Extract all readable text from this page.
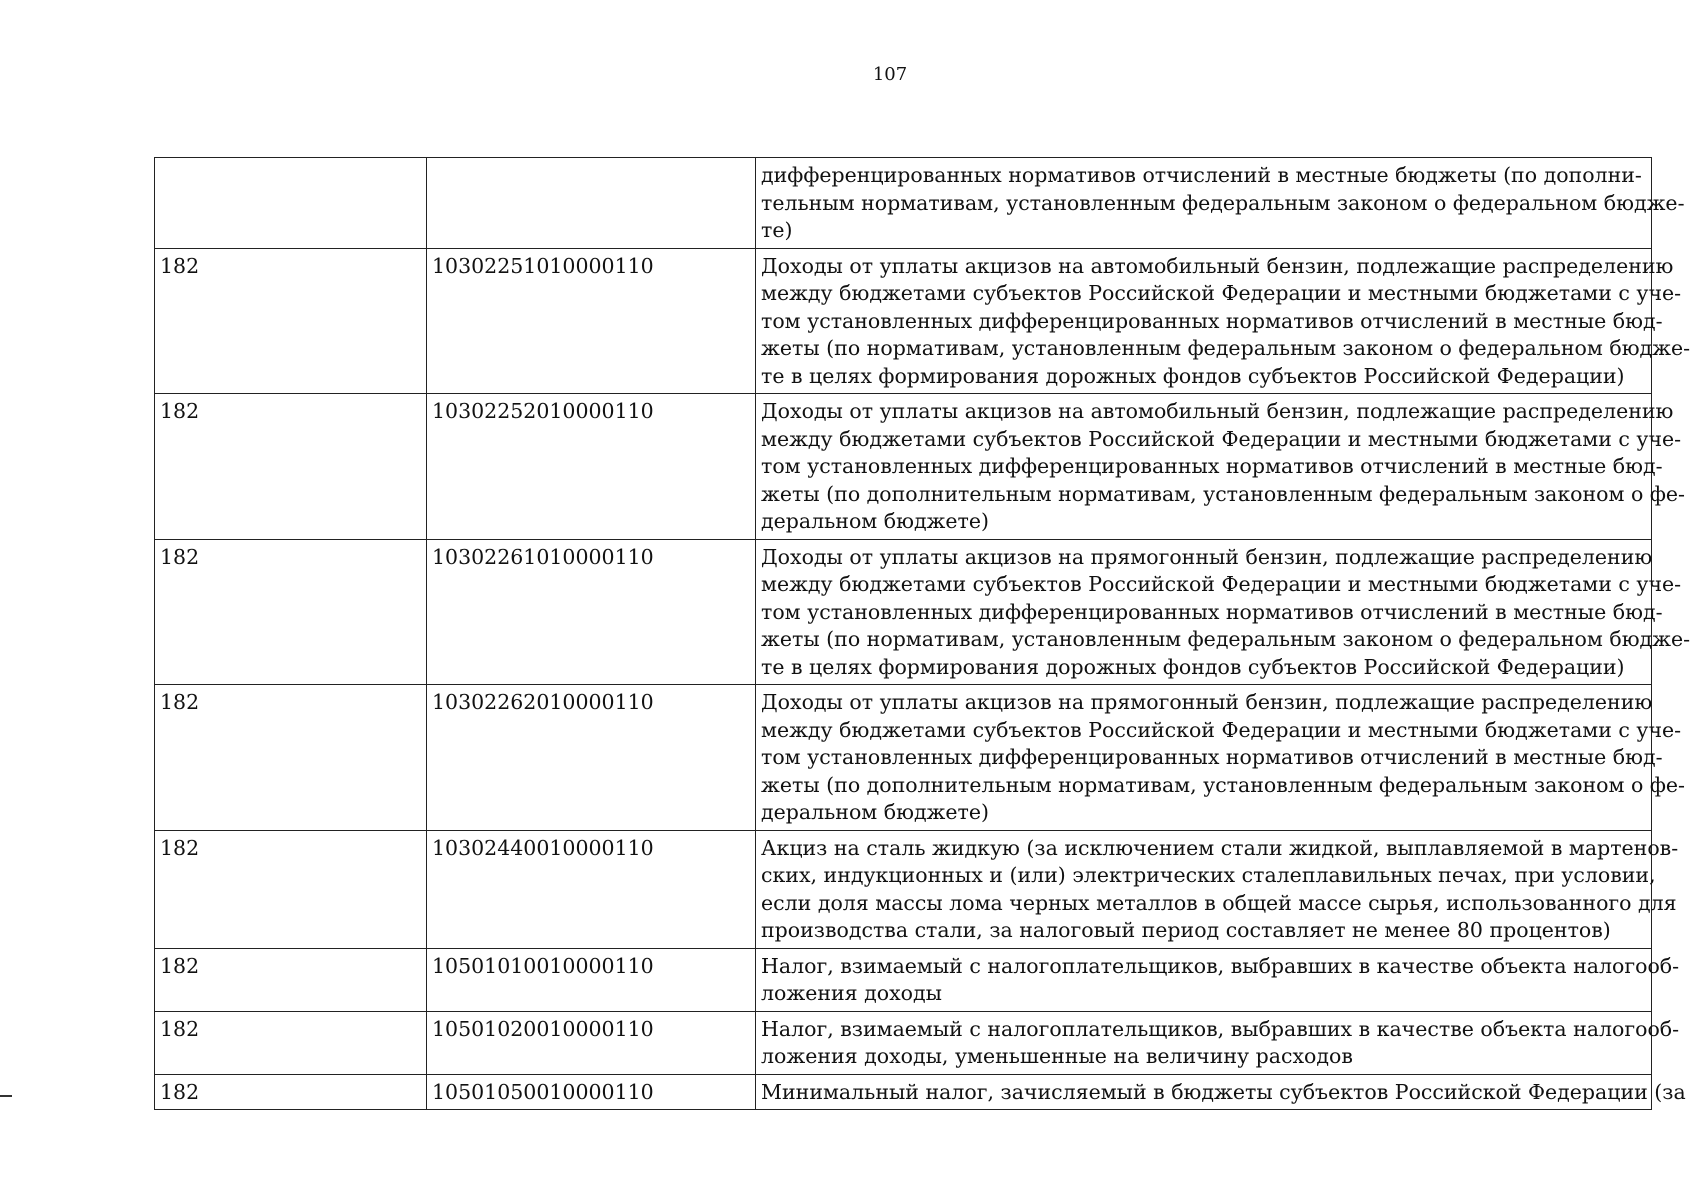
107

		дифференцированных нормативов отчислений в местные бюджеты (по дополни-
тельным нормативам, установленным федеральным законом о федеральном бюдже-
те)

182	10302251010000110	Доходы от уплаты акцизов на автомобильный бензин, подлежащие распределению
между бюджетами субъектов Российской Федерации и местными бюджетами с уче-
том установленных дифференцированных нормативов отчислений в местные бюд-
жеты (по нормативам, установленным федеральным законом о федеральном бюдже-
те в целях формирования дорожных фондов субъектов Российской Федерации)

182	10302252010000110	Доходы от уплаты акцизов на автомобильный бензин, подлежащие распределению
между бюджетами субъектов Российской Федерации и местными бюджетами с уче-
том установленных дифференцированных нормативов отчислений в местные бюд-
жеты (по дополнительным нормативам, установленным федеральным законом о фе-
деральном бюджете)

182	10302261010000110	Доходы от уплаты акцизов на прямогонный бензин, подлежащие распределению
между бюджетами субъектов Российской Федерации и местными бюджетами с уче-
том установленных дифференцированных нормативов отчислений в местные бюд-
жеты (по нормативам, установленным федеральным законом о федеральном бюдже-
те в целях формирования дорожных фондов субъектов Российской Федерации)

182	10302262010000110	Доходы от уплаты акцизов на прямогонный бензин, подлежащие распределению
между бюджетами субъектов Российской Федерации и местными бюджетами с уче-
том установленных дифференцированных нормативов отчислений в местные бюд-
жеты (по дополнительным нормативам, установленным федеральным законом о фе-
деральном бюджете)

182	10302440010000110	Акциз на сталь жидкую (за исключением стали жидкой, выплавляемой в мартенов-
ских, индукционных и (или) электрических сталеплавильных печах, при условии,
если доля массы лома черных металлов в общей массе сырья, использованного для
производства стали, за налоговый период составляет не менее 80 процентов)

182	10501010010000110	Налог, взимаемый с налогоплательщиков, выбравших в качестве объекта налогооб-
ложения доходы

182	10501020010000110	Налог, взимаемый с налогоплательщиков, выбравших в качестве объекта налогооб-
ложения доходы, уменьшенные на величину расходов

182	10501050010000110	Минимальный налог, зачисляемый в бюджеты субъектов Российской Федерации (за
